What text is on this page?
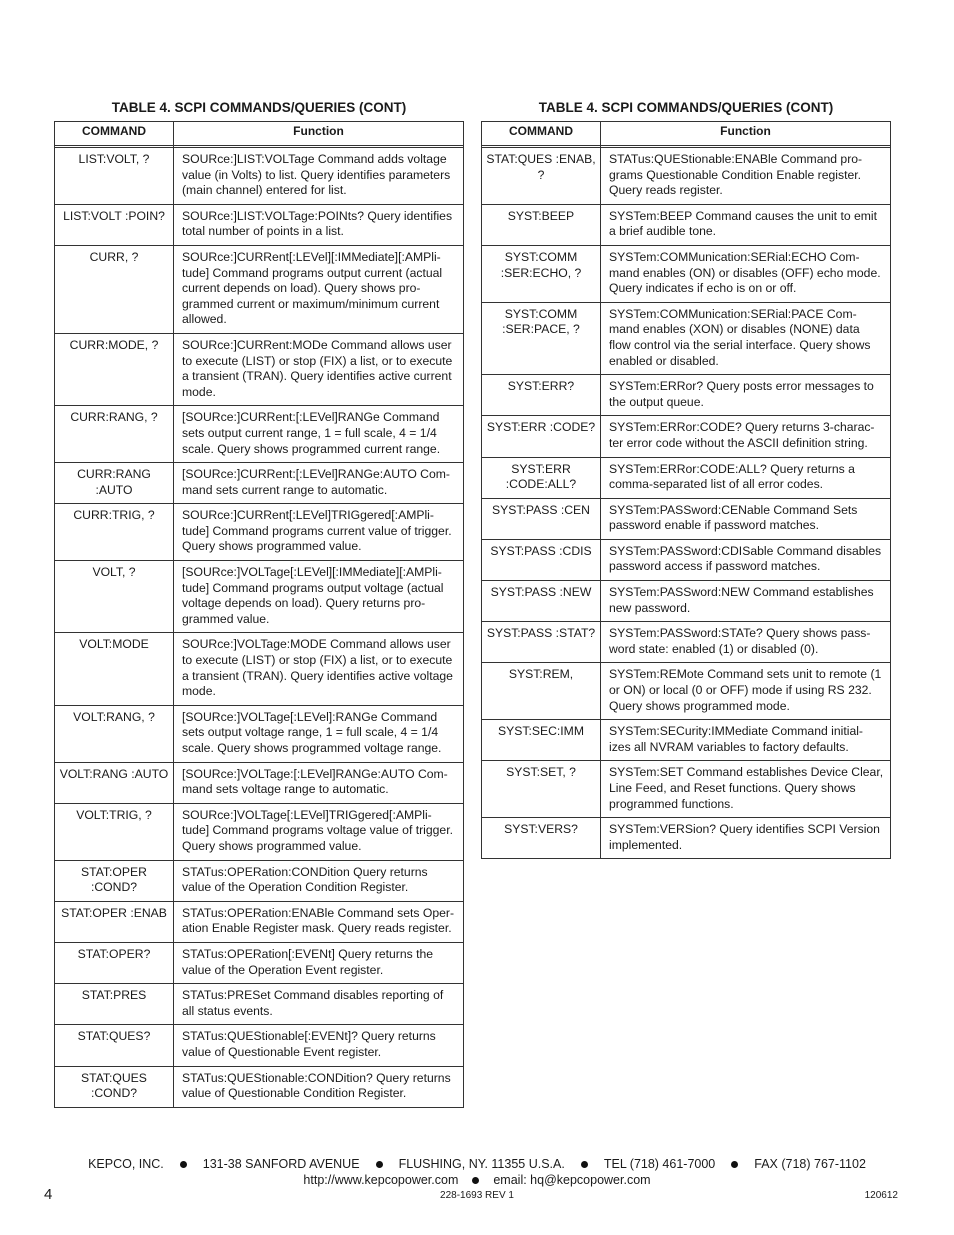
TABLE 4. SCPI COMMANDS/QUERIES (CONT)
COMMAND	Function

LIST:VOLT, ?	SOURce:]LIST:VOLTage Command adds voltage value (in Volts) to list. Query identifies parameters (main channel) entered for list.
LIST:VOLT :POIN?	SOURce:]LIST:VOLTage:POINts? Query identifies total number of points in a list.
CURR, ?	SOURce:]CURRent[:LEVel][:IMMediate][:AMPli-tude] Command programs output current (actual current depends on load). Query shows pro-grammed current or maximum/minimum current allowed.
CURR:MODE, ?	SOURce:]CURRent:MODe Command allows user to execute (LIST) or stop (FIX) a list, or to execute a transient (TRAN). Query identifies active current mode.
CURR:RANG, ?	[SOURce:]CURRent:[:LEVel]RANGe Command sets output current range, 1 = full scale, 4 = 1/4 scale. Query shows programmed current range.
CURR:RANG :AUTO	[SOURce:]CURRent:[:LEVel]RANGe:AUTO Com-mand sets current range to automatic.
CURR:TRIG, ?	SOURce:]CURRent[:LEVel]TRIGgered[:AMPli-tude] Command programs current value of trigger. Query shows programmed value.
VOLT, ?	[SOURce:]VOLTage[:LEVel][:IMMediate][:AMPli-tude] Command programs output voltage (actual voltage depends on load). Query returns pro-grammed value.
VOLT:MODE	SOURce:]VOLTage:MODE Command allows user to execute (LIST) or stop (FIX) a list, or to execute a transient (TRAN). Query identifies active voltage mode.
VOLT:RANG, ?	[SOURce:]VOLTage[:LEVel]:RANGe Command sets output voltage range, 1 = full scale, 4 = 1/4 scale. Query shows programmed voltage range.
VOLT:RANG :AUTO	[SOURce:]VOLTage:[:LEVel]RANGe:AUTO Com-mand sets voltage range to automatic.
VOLT:TRIG, ?	SOURce:]VOLTage[:LEVel]TRIGgered[:AMPli-tude] Command programs voltage value of trigger. Query shows programmed value.
STAT:OPER :COND?	STATus:OPERation:CONDition Query returns value of the Operation Condition Register.
STAT:OPER :ENAB	STATus:OPERation:ENABle Command sets Oper-ation Enable Register mask. Query reads register.
STAT:OPER?	STATus:OPERation[:EVENt] Query returns the value of the Operation Event register.
STAT:PRES	STATus:PRESet Command disables reporting of all status events.
STAT:QUES?	STATus:QUEStionable[:EVENt]? Query returns value of Questionable Event register.
STAT:QUES :COND?	STATus:QUEStionable:CONDition? Query returns value of Questionable Condition Register.
TABLE 4. SCPI COMMANDS/QUERIES (CONT)
COMMAND	Function

STAT:QUES :ENAB, ?	STATus:QUEStionable:ENABle Command pro-grams Questionable Condition Enable register. Query reads register.
SYST:BEEP	SYSTem:BEEP Command causes the unit to emit a brief audible tone.
SYST:COMM :SER:ECHO, ?	SYSTem:COMMunication:SERial:ECHO Com-mand enables (ON) or disables (OFF) echo mode. Query indicates if echo is on or off.
SYST:COMM :SER:PACE, ?	SYSTem:COMMunication:SERial:PACE Com-mand enables (XON) or disables (NONE) data flow control via the serial interface. Query shows enabled or disabled.
SYST:ERR?	SYSTem:ERRor? Query posts error messages to the output queue.
SYST:ERR :CODE?	SYSTem:ERRor:CODE? Query returns 3-charac-ter error code without the ASCII definition string.
SYST:ERR :CODE:ALL?	SYSTem:ERRor:CODE:ALL? Query returns a comma-separated list of all error codes.
SYST:PASS :CEN	SYSTem:PASSword:CENable Command Sets password enable if password matches.
SYST:PASS :CDIS	SYSTem:PASSword:CDISable Command disables password access if password matches.
SYST:PASS :NEW	SYSTem:PASSword:NEW Command establishes new password.
SYST:PASS :STAT?	SYSTem:PASSword:STATe? Query shows pass-word state: enabled (1) or disabled (0).
SYST:REM,	SYSTem:REMote Command sets unit to remote (1 or ON) or local (0 or OFF) mode if using RS 232. Query shows programmed mode.
SYST:SEC:IMM	SYSTem:SECurity:IMMediate Command initial-izes all NVRAM variables to factory defaults.
SYST:SET, ?	SYSTem:SET Command establishes Device Clear, Line Feed, and Reset functions. Query shows programmed functions.
SYST:VERS?	SYSTem:VERSion? Query identifies SCPI Version implemented.
KEPCO, INC.	131-38 SANFORD AVENUE	FLUSHING, NY. 11355 U.S.A.	TEL (718) 461-7000	FAX (718) 767-1102
http://www.kepcopower.com	email: hq@kepcopower.com
228-1693 REV 1
4	120612
